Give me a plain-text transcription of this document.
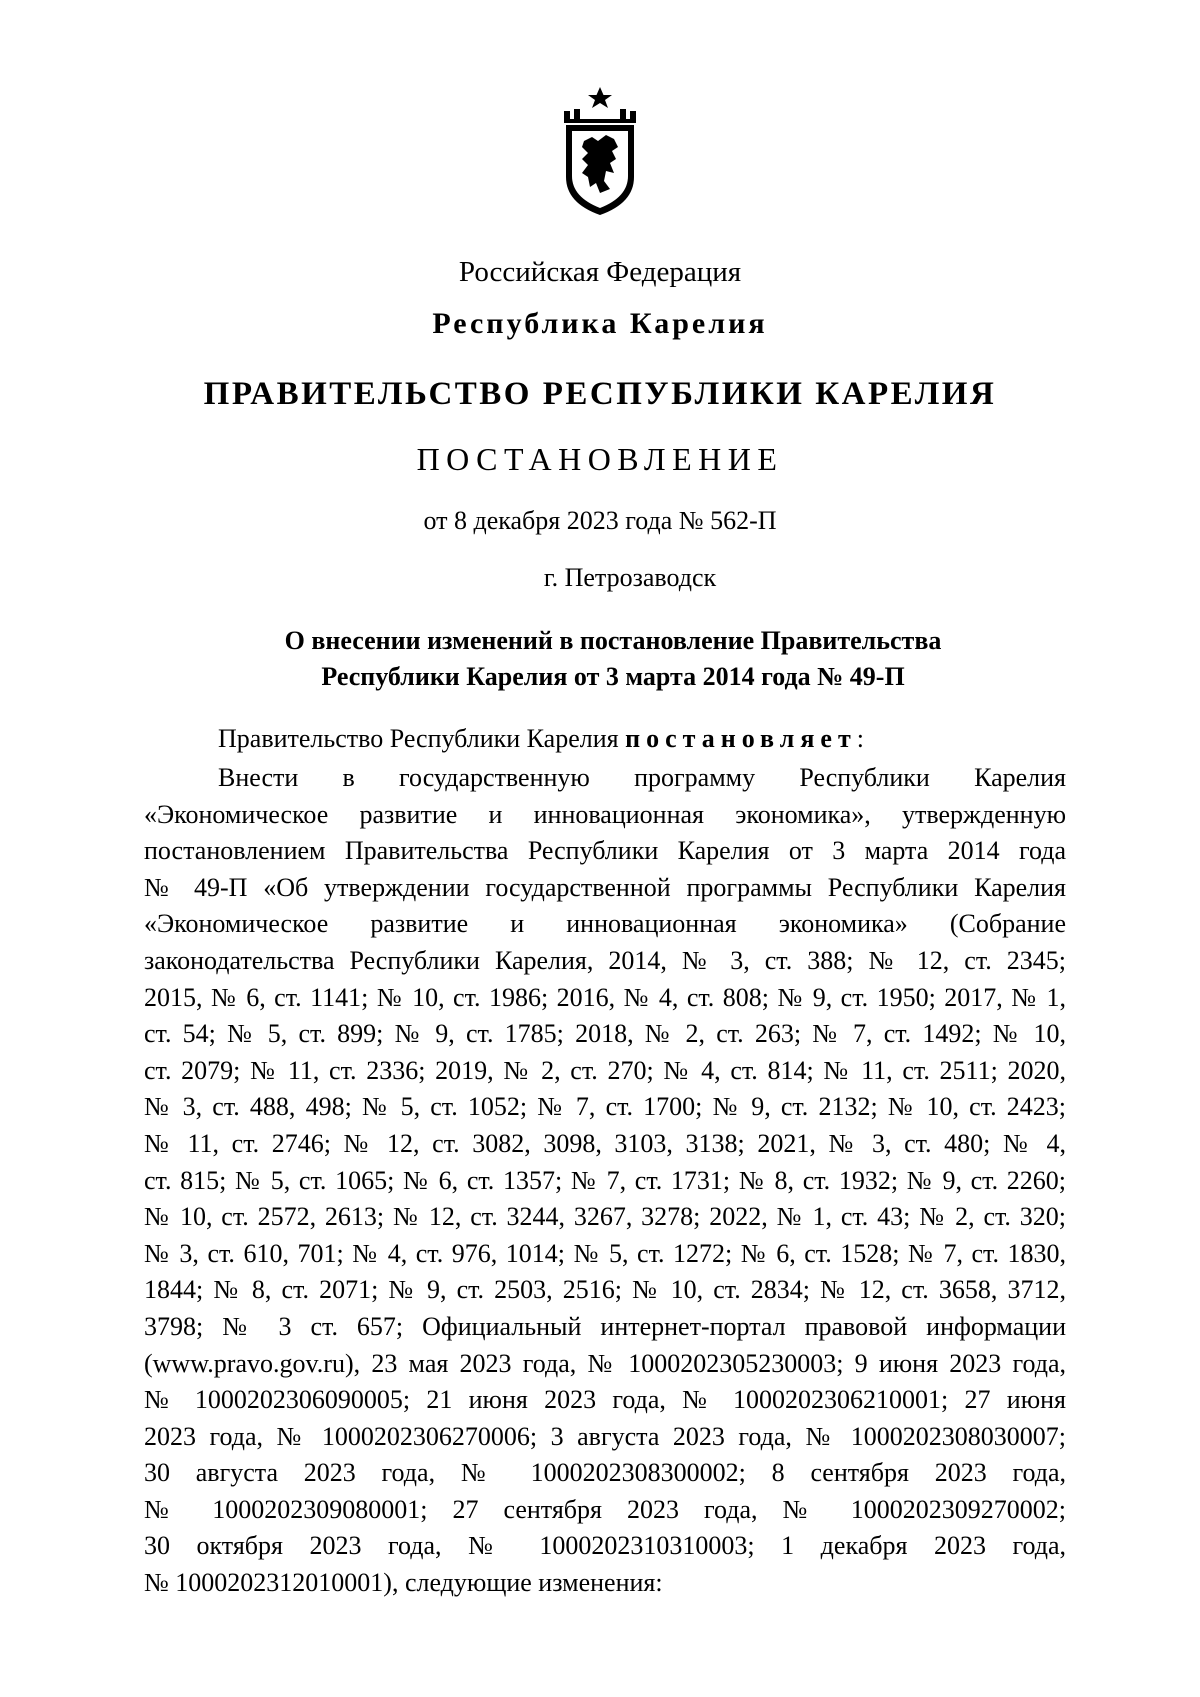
Российская Федерация
Республика Карелия
ПРАВИТЕЛЬСТВО РЕСПУБЛИКИ КАРЕЛИЯ
ПОСТАНОВЛЕНИЕ
от 8 декабря 2023 года № 562-П
г. Петрозаводск
О внесении изменений в постановление Правительства
Республики Карелия от 3 марта 2014 года № 49-П
Правительство Республики Карелия постановляет:
Внести в государственную программу Республики Карелия
«Экономическое развитие и инновационная экономика», утвержденную
постановлением Правительства Республики Карелия от 3 марта 2014 года
№ 49-П «Об утверждении государственной программы Республики Карелия
«Экономическое развитие и инновационная экономика» (Собрание
законодательства Республики Карелия, 2014, № 3, ст. 388; № 12, ст. 2345;
2015, № 6, ст. 1141; № 10, ст. 1986; 2016, № 4, ст. 808; № 9, ст. 1950; 2017, № 1,
ст. 54; № 5, ст. 899; № 9, ст. 1785; 2018, № 2, ст. 263; № 7, ст. 1492; № 10,
ст. 2079; № 11, ст. 2336; 2019, № 2, ст. 270; № 4, ст. 814; № 11, ст. 2511; 2020,
№ 3, ст. 488, 498; № 5, ст. 1052; № 7, ст. 1700; № 9, ст. 2132; № 10, ст. 2423;
№ 11, ст. 2746; № 12, ст. 3082, 3098, 3103, 3138; 2021, № 3, ст. 480; № 4,
ст. 815; № 5, ст. 1065; № 6, ст. 1357; № 7, ст. 1731; № 8, ст. 1932; № 9, ст. 2260;
№ 10, ст. 2572, 2613; № 12, ст. 3244, 3267, 3278; 2022, № 1, ст. 43; № 2, ст. 320;
№ 3, ст. 610, 701; № 4, ст. 976, 1014; № 5, ст. 1272; № 6, ст. 1528; № 7, ст. 1830,
1844; № 8, ст. 2071; № 9, ст. 2503, 2516; № 10, ст. 2834; № 12, ст. 3658, 3712,
3798; № 3 ст. 657; Официальный интернет-портал правовой информации
(www.pravo.gov.ru), 23 мая 2023 года, № 1000202305230003; 9 июня 2023 года,
№ 1000202306090005; 21 июня 2023 года, № 1000202306210001; 27 июня
2023 года, № 1000202306270006; 3 августа 2023 года, № 1000202308030007;
30 августа 2023 года, № 1000202308300002; 8 сентября 2023 года,
№ 1000202309080001; 27 сентября 2023 года, № 1000202309270002;
30 октября 2023 года, № 1000202310310003; 1 декабря 2023 года,
№ 1000202312010001), следующие изменения:
